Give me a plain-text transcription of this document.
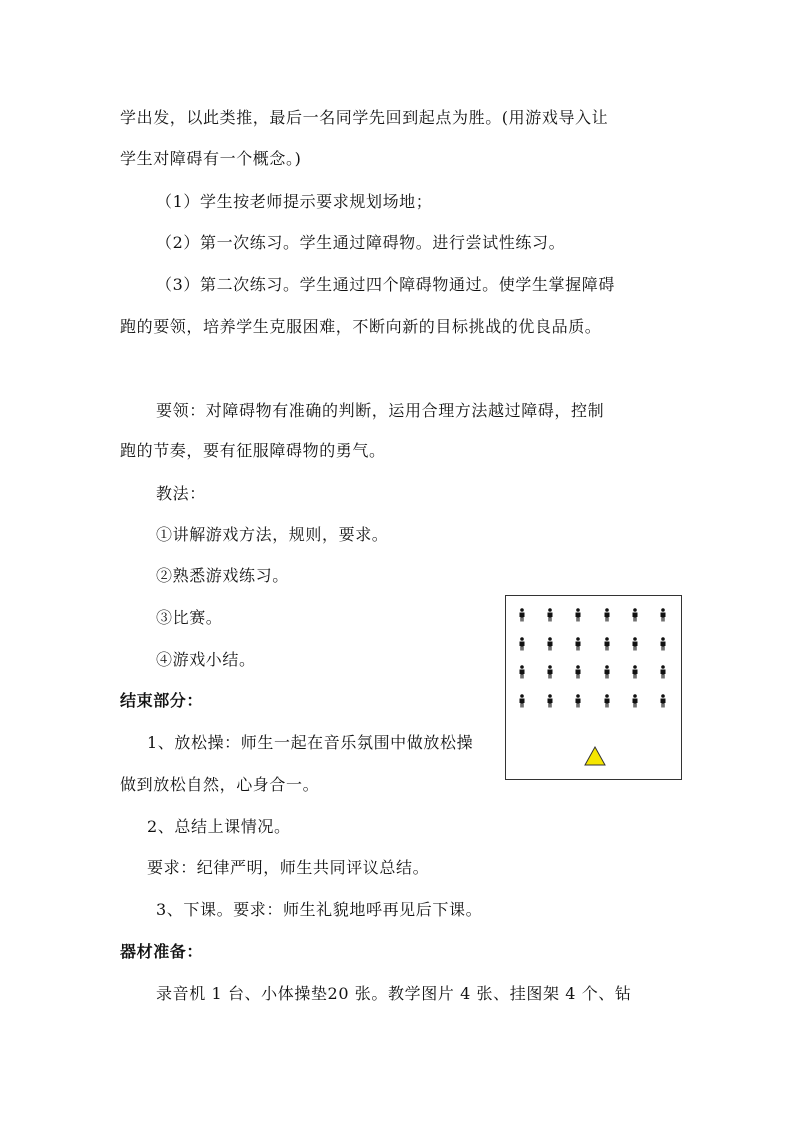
学出发，以此类推，最后一名同学先回到起点为胜。(用游戏导入让
学生对障碍有一个概念。)
（1）学生按老师提示要求规划场地；
（2）第一次练习。学生通过障碍物。进行尝试性练习。
（3）第二次练习。学生通过四个障碍物通过。使学生掌握障碍
跑的要领，培养学生克服困难，不断向新的目标挑战的优良品质。
要领：对障碍物有准确的判断，运用合理方法越过障碍，控制
跑的节奏，要有征服障碍物的勇气。
教法：
①讲解游戏方法，规则，要求。
②熟悉游戏练习。
③比赛。
④游戏小结。
结束部分：
1、放松操：师生一起在音乐氛围中做放松操
做到放松自然，心身合一。
2、总结上课情况。
要求：纪律严明，师生共同评议总结。
3、下课。要求：师生礼貌地呼再见后下课。
器材准备：
录音机 1 台、小体操垫20 张。教学图片 4 张、挂图架 4 个、钻
